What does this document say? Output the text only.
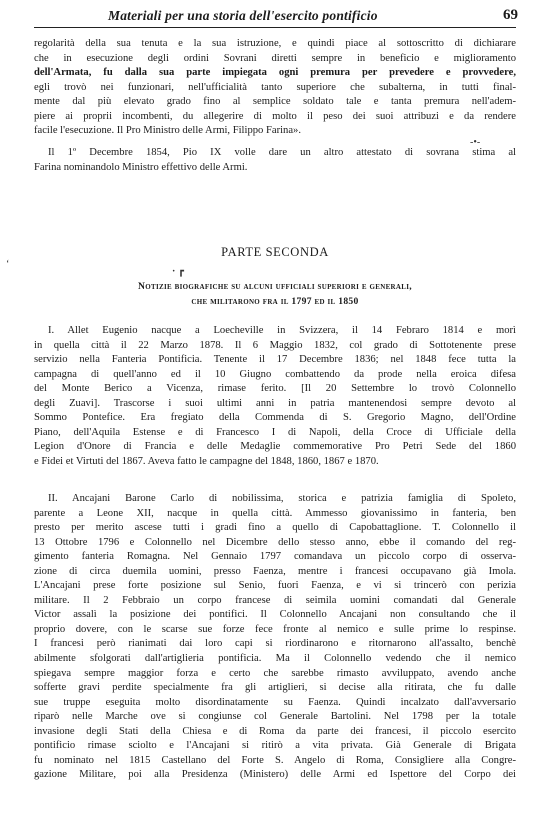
Materiali per una storia dell'esercito pontificio	69
regolarità della sua tenuta e la sua istruzione, e quindi piace al sottoscritto di dichiarare
che in esecuzione degli ordini Sovrani diretti sempre in beneficio e miglioramento
dell'Armata, fu dalla sua parte impiegata ogni premura per prevedere e provvedere,
egli trovò nei funzionari, nell'ufficialità tanto superiore che subalterna, in tutti final-
mente dal più elevato grado fino al semplice soldato tale e tanta premura nell'adem-
piere ai proprii incombenti, du allegerire di molto il peso dei suoi attribuzi e da rendere
facile l'esecuzione. Il Pro Ministro delle Armi, Filippo Farina».
-•-
Il 1º Decembre 1854, Pio IX volle dare un altro attestato di sovrana stima al
Farina nominandolo Ministro effettivo delle Armi.
PARTE SECONDA
‘
· ┏
Notizie biografiche su alcuni ufficiali superiori e generali,
che militarono fra il 1797 ed il 1850
I. Allet Eugenio nacque a Loecheville in Svizzera, il 14 Febraro 1814 e morì
in quella città il 22 Marzo 1878. Il 6 Maggio 1832, col grado di Sottotenente prese
servizio nella Fanteria Pontificia. Tenente il 17 Decembre 1836; nel 1848 fece tutta la
campagna di quell'anno ed il 10 Giugno combattendo da prode nella eroica difesa
del Monte Berico a Vicenza, rimase ferito. [Il 20 Settembre lo trovò Colonnello
degli Zuavi]. Trascorse i suoi ultimi anni in patria mantenendosi sempre devoto al
Sommo Pontefice. Era fregiato della Commenda di S. Gregorio Magno, dell'Ordine
Piano, dell'Aquila Estense e di Francesco I di Napoli, della Croce di Ufficiale della
Legion d'Onore di Francia e delle Medaglie commemorative Pro Petri Sede del 1860
e Fidei et Virtuti del 1867. Aveva fatto le campagne del 1848, 1860, 1867 e 1870.
II. Ancajani Barone Carlo di nobilissima, storica e patrizia famiglia di Spoleto,
parente a Leone XII, nacque in quella città. Ammesso giovanissimo in fanteria, ben
presto per merito ascese tutti i gradi fino a quello di Capobattaglione. T. Colonnello il
13 Ottobre 1796 e Colonnello nel Dicembre dello stesso anno, ebbe il comando del reg-
gimento fanteria Romagna. Nel Gennaio 1797 comandava un piccolo corpo di osserva-
zione di circa duemila uomini, presso Faenza, mentre i francesi occupavano già Imola.
L'Ancajani prese forte posizione sul Senio, fuori Faenza, e vi si trincerò con perizia
militare. Il 2 Febbraio un corpo francese di seimila uomini comandati dal Generale
Victor assalì la posizione dei pontifici. Il Colonnello Ancajani non consultando che il
proprio dovere, con le scarse sue forze fece fronte al nemico e sulle prime lo respinse.
I francesi però rianimati dai loro capi si riordinarono e ritornarono all'assalto, benchè
abilmente sfolgorati dall'artiglieria pontificia. Ma il Colonnello vedendo che il nemico
spiegava sempre maggior forza e certo che sarebbe rimasto avviluppato, avendo anche
sofferte gravi perdite specialmente fra gli artiglieri, si decise alla ritirata, che fu dalle
sue truppe eseguita molto disordinatamente su Faenza. Quindi incalzato dall'avversario
riparò nelle Marche ove si congiunse col Generale Bartolini. Nel 1798 per la totale
invasione degli Stati della Chiesa e di Roma da parte dei francesi, il piccolo esercito
pontificio rimase sciolto e l'Ancajani si ritirò a vita privata. Già Generale di Brigata
fu nominato nel 1815 Castellano del Forte S. Angelo di Roma, Consigliere alla Congre-
gazione Militare, poi alla Presidenza (Ministero) delle Armi ed Ispettore del Corpo dei
